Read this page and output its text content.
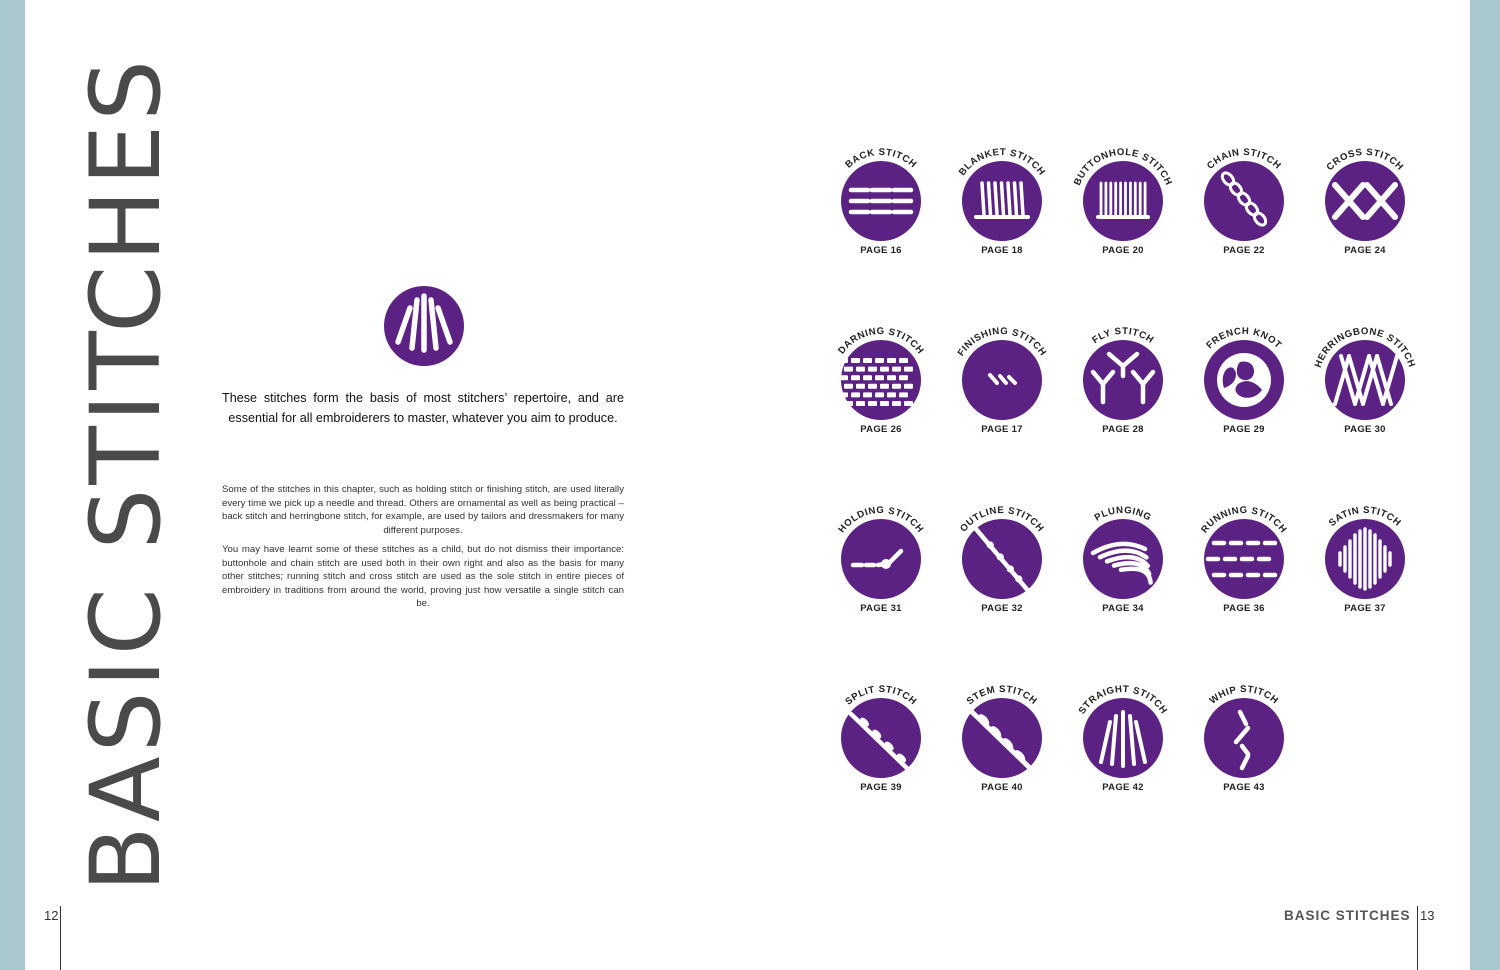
BASIC STITCHES	These stitches form the basis of most stitchers’ repertoire, and are essential for all embroiderers to master, whatever you aim to produce.

Some of the stitches in this chapter, such as holding stitch or finishing stitch, are used literally every time we pick up a needle and thread. Others are ornamental as well as being practical – back stitch and herringbone stitch, for example, are used by tailors and dressmakers for many different purposes.

You may have learnt some of these stitches as a child, but do not dismiss their importance: buttonhole and chain stitch are used both in their own right and also as the basis for many other stitches; running stitch and cross stitch are used as the sole stitch in entire pieces of embroidery in traditions from around the world, proving just how versatile a single stitch can be.

BACK STITCH
PAGE 16
BLANKET STITCH
PAGE 18
BUTTONHOLE STITCH
PAGE 20
CHAIN STITCH
PAGE 22
CROSS STITCH
PAGE 24
DARNING STITCH
PAGE 26
FINISHING STITCH
PAGE 17
FLY STITCH
PAGE 28
FRENCH KNOT
PAGE 29
HERRINGBONE STITCH
PAGE 30
HOLDING STITCH
PAGE 31
OUTLINE STITCH
PAGE 32
PLUNGING
PAGE 34
RUNNING STITCH
PAGE 36
SATIN STITCH
PAGE 37
SPLIT STITCH
PAGE 39
STEM STITCH
PAGE 40
STRAIGHT STITCH
PAGE 42
WHIP STITCH
PAGE 43
12	BASIC STITCHES 13
